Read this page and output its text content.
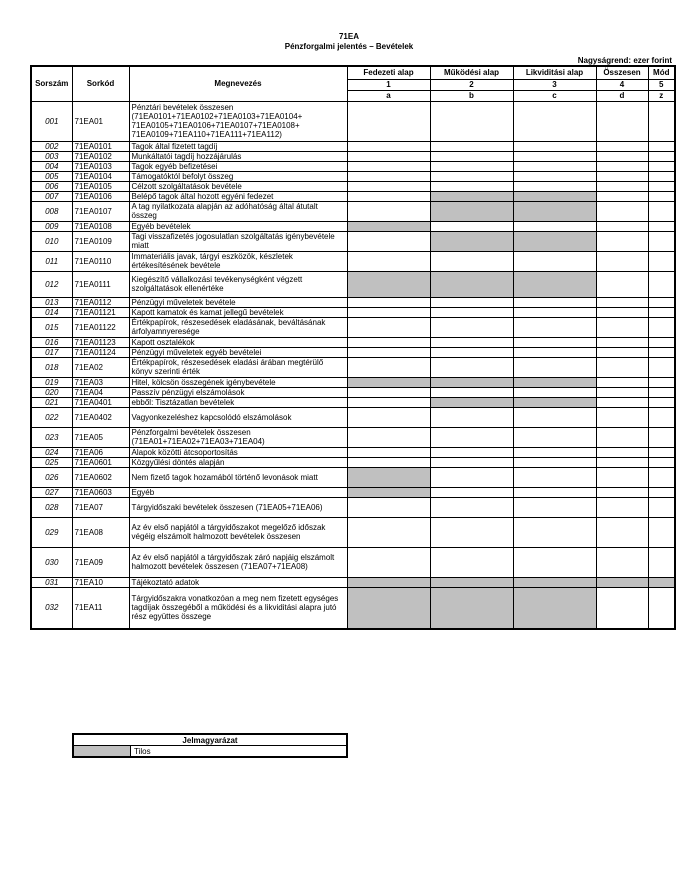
71EA
Pénzforgalmi jelentés – Bevételek
Nagyságrend: ezer forint
Sorszám	Sorkód	Megnevezés	Fedezeti alap	Működési alap	Likviditási alap	Összesen	Mód
			1	2	3	4	5
			a	b	c	d	z
001	71EA01	Pénztári bevételek összesen (71EA0101+71EA0102+71EA0103+71EA0104+ 71EA0105+71EA0106+71EA0107+71EA0108+ 71EA0109+71EA110+71EA111+71EA112)					
002	71EA0101	Tagok által fizetett tagdíj					
003	71EA0102	Munkáltatói tagdíj hozzájárulás					
004	71EA0103	Tagok egyéb befizetései					
005	71EA0104	Támogatóktól befolyt összeg					
006	71EA0105	Célzott szolgáltatások bevétele					
007	71EA0106	Belépő tagok által hozott egyéni fedezet					
008	71EA0107	A tag nyilatkozata alapján az adóhatóság által átutalt összeg					
009	71EA0108	Egyéb bevételek					
010	71EA0109	Tagi visszafizetés jogosulatlan szolgáltatás igénybevétele miatt					
011	71EA0110	Immateriális javak, tárgyi eszközök, készletek értékesítésének bevétele					
012	71EA0111	Kiegészítő vállalkozási tevékenységként végzett szolgáltatások ellenértéke					
013	71EA0112	Pénzügyi műveletek bevétele					
014	71EA01121	Kapott kamatok és kamat jellegű bevételek					
015	71EA01122	Értékpapírok, részesedések eladásának, beváltásának árfolyamnyeresége					
016	71EA01123	Kapott osztalékok					
017	71EA01124	Pénzügyi műveletek egyéb bevételei					
018	71EA02	Értékpapírok, részesedések eladási árában megtérülő könyv szerinti érték					
019	71EA03	Hitel, kölcsön összegének igénybevétele					
020	71EA04	Passzív pénzügyi elszámolások					
021	71EA0401	ebből: Tisztázatlan bevételek					
022	71EA0402	Vagyonkezeléshez kapcsolódó elszámolások					
023	71EA05	Pénzforgalmi bevételek összesen (71EA01+71EA02+71EA03+71EA04)					
024	71EA06	Alapok közötti átcsoportosítás					
025	71EA0601	Közgyűlési döntés alapján					
026	71EA0602	Nem fizető tagok hozamából történő levonások miatt					
027	71EA0603	Egyéb					
028	71EA07	Tárgyidőszaki bevételek összesen (71EA05+71EA06)					
029	71EA08	Az év első napjától a tárgyidőszakot megelőző időszak végéig elszámolt halmozott bevételek összesen					
030	71EA09	Az év első napjától a tárgyidőszak záró napjáig elszámolt halmozott bevételek összesen (71EA07+71EA08)					
031	71EA10	Tájékoztató adatok					
032	71EA11	Tárgyidőszakra vonatkozóan a meg nem fizetett egységes tagdíjak összegéből a működési és a likviditási alapra jutó rész együttes összege					
Jelmagyarázat
	Tilos
